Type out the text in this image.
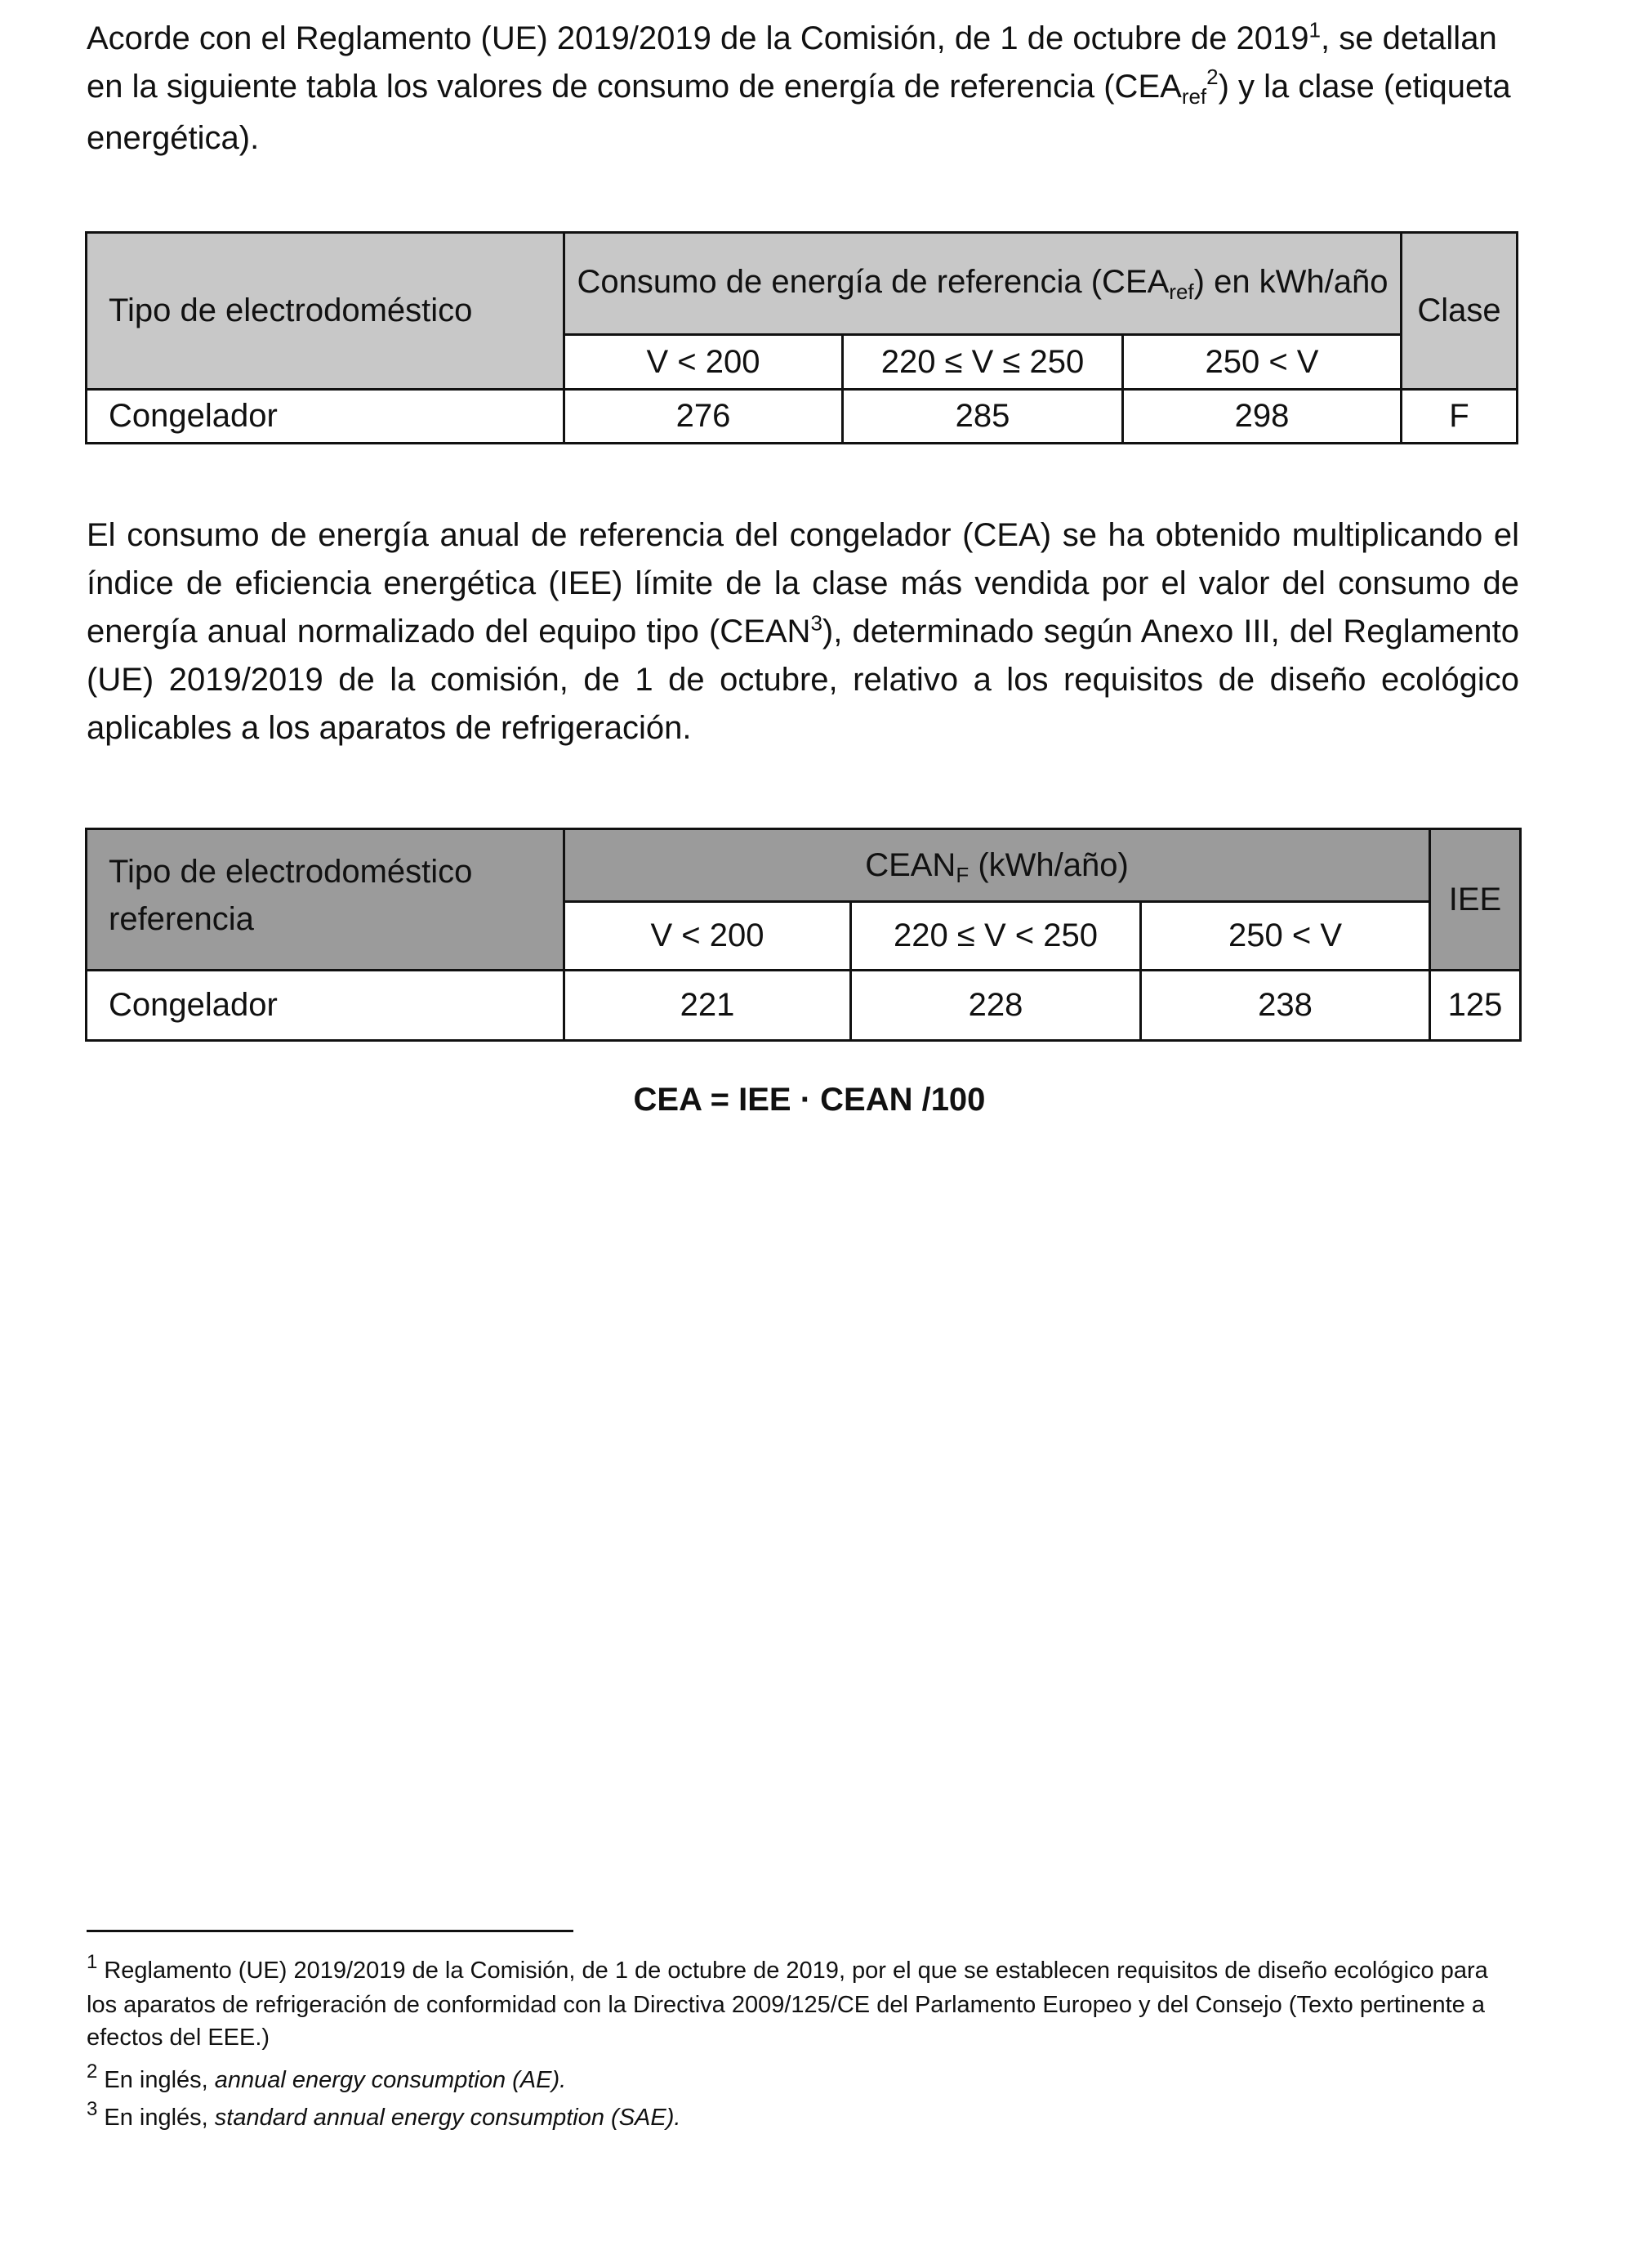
Acorde con el Reglamento (UE) 2019/2019 de la Comisión, de 1 de octubre de 2019$^1$, se detallan en la siguiente tabla los valores de consumo de energía de referencia $(CEA_{ref}^2)$ y la clase (etiqueta energética).

Tipo de electrodoméstico	Consumo de energía de referencia $(CEA_{ref})$ en kWh/año			Clase
	V < 200	220 ≤ V ≤ 250	250 < V	
Congelador	276	285	298	F

El consumo de energía anual de referencia del congelador (CEA) se ha obtenido multiplicando el índice de eficiencia energética (IEE) límite de la clase más vendida por el valor del consumo de energía anual normalizado del equipo tipo (CEAN$^3$), determinado según Anexo III, del Reglamento (UE) 2019/2019 de la comisión, de 1 de octubre, relativo a los requisitos de diseño ecológico aplicables a los aparatos de refrigeración.

Tipo de electrodoméstico referencia	$CEAN_F$ (kWh/año)			IEE
	V < 200	220 ≤ V < 250	250 < V	
Congelador	221	228	238	125

CEA = IEE · CEAN /100

$^1$ Reglamento (UE) 2019/2019 de la Comisión, de 1 de octubre de 2019, por el que se establecen requisitos de diseño ecológico para los aparatos de refrigeración de conformidad con la Directiva 2009/125/CE del Parlamento Europeo y del Consejo (Texto pertinente a efectos del EEE.)

$^2$ En inglés, annual energy consumption (AE).

$^3$ En inglés, standard annual energy consumption (SAE).
